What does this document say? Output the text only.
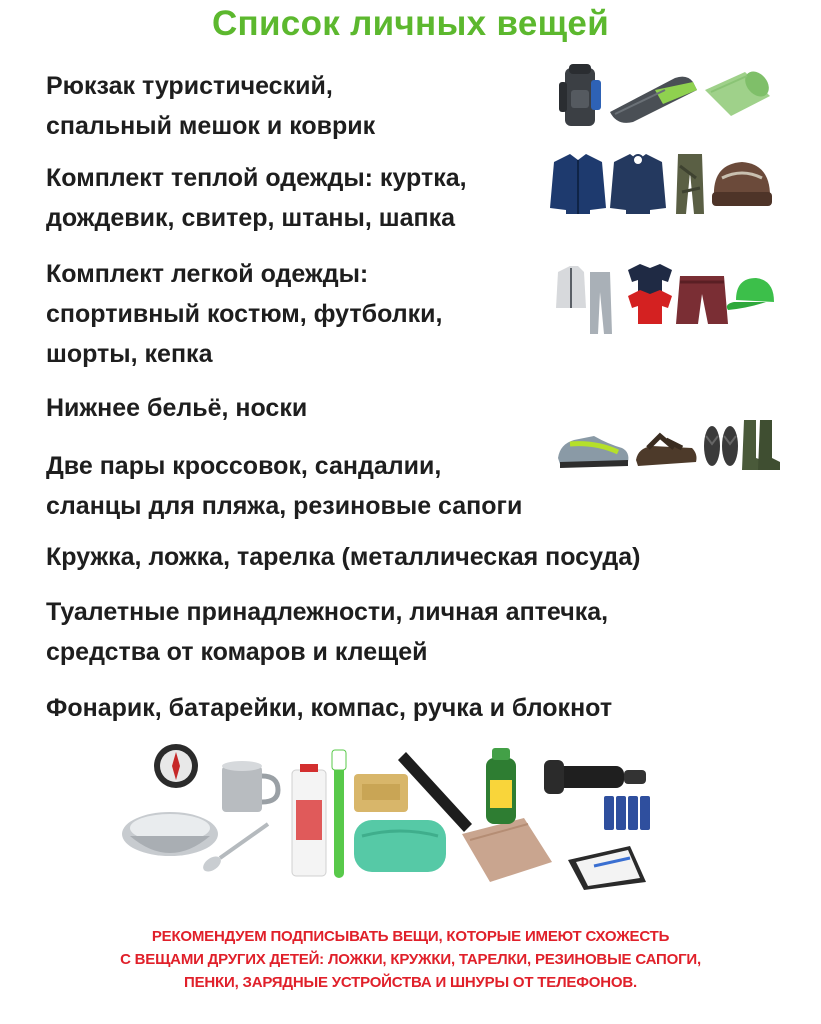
Список личных вещей
Рюкзак туристический,
спальный мешок и коврик
Комплект теплой одежды: куртка,
дождевик, свитер, штаны, шапка
Комплект легкой одежды:
спортивный костюм, футболки,
шорты, кепка
Нижнее бельё, носки
Две пары кроссовок, сандалии,
сланцы для пляжа, резиновые сапоги
Кружка, ложка, тарелка (металлическая посуда)
Туалетные принадлежности, личная аптечка,
средства от комаров и клещей
Фонарик, батарейки, компас, ручка и блокнот
РЕКОМЕНДУЕМ ПОДПИСЫВАТЬ ВЕЩИ, КОТОРЫЕ ИМЕЮТ СХОЖЕСТЬ
С ВЕЩАМИ ДРУГИХ ДЕТЕЙ: ЛОЖКИ, КРУЖКИ, ТАРЕЛКИ, РЕЗИНОВЫЕ САПОГИ,
ПЕНКИ, ЗАРЯДНЫЕ УСТРОЙСТВА И ШНУРЫ ОТ ТЕЛЕФОНОВ.
